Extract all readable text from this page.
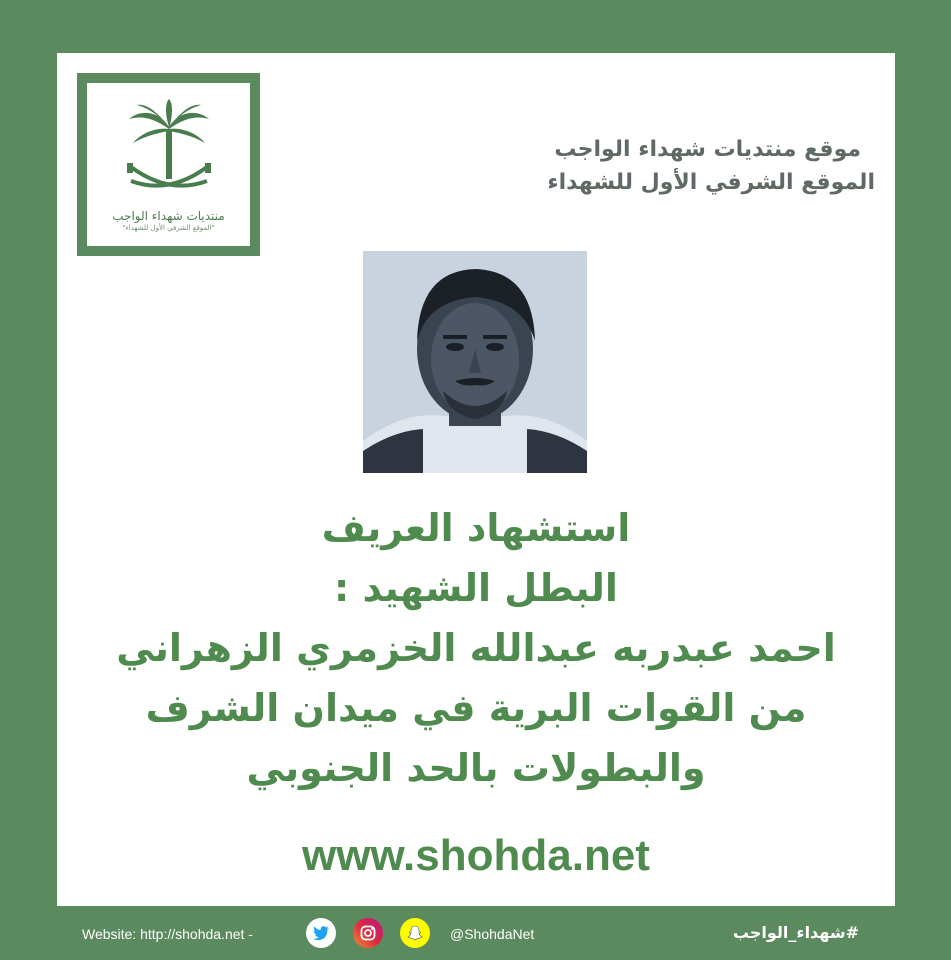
منتديات شهداء الواجب
"الموقع الشرفي الأول للشهداء"
موقع منتديات شهداء الواجب
الموقع الشرفي الأول للشهداء
استشهاد العريف
البطل الشهيد :
احمد عبدربه عبدالله الخزمري الزهراني
من القوات البرية في ميدان الشرف
والبطولات بالحد الجنوبي
www.shohda.net
Website: http://shohda.net -	@ShohdaNet	#شهداء_الواجب
